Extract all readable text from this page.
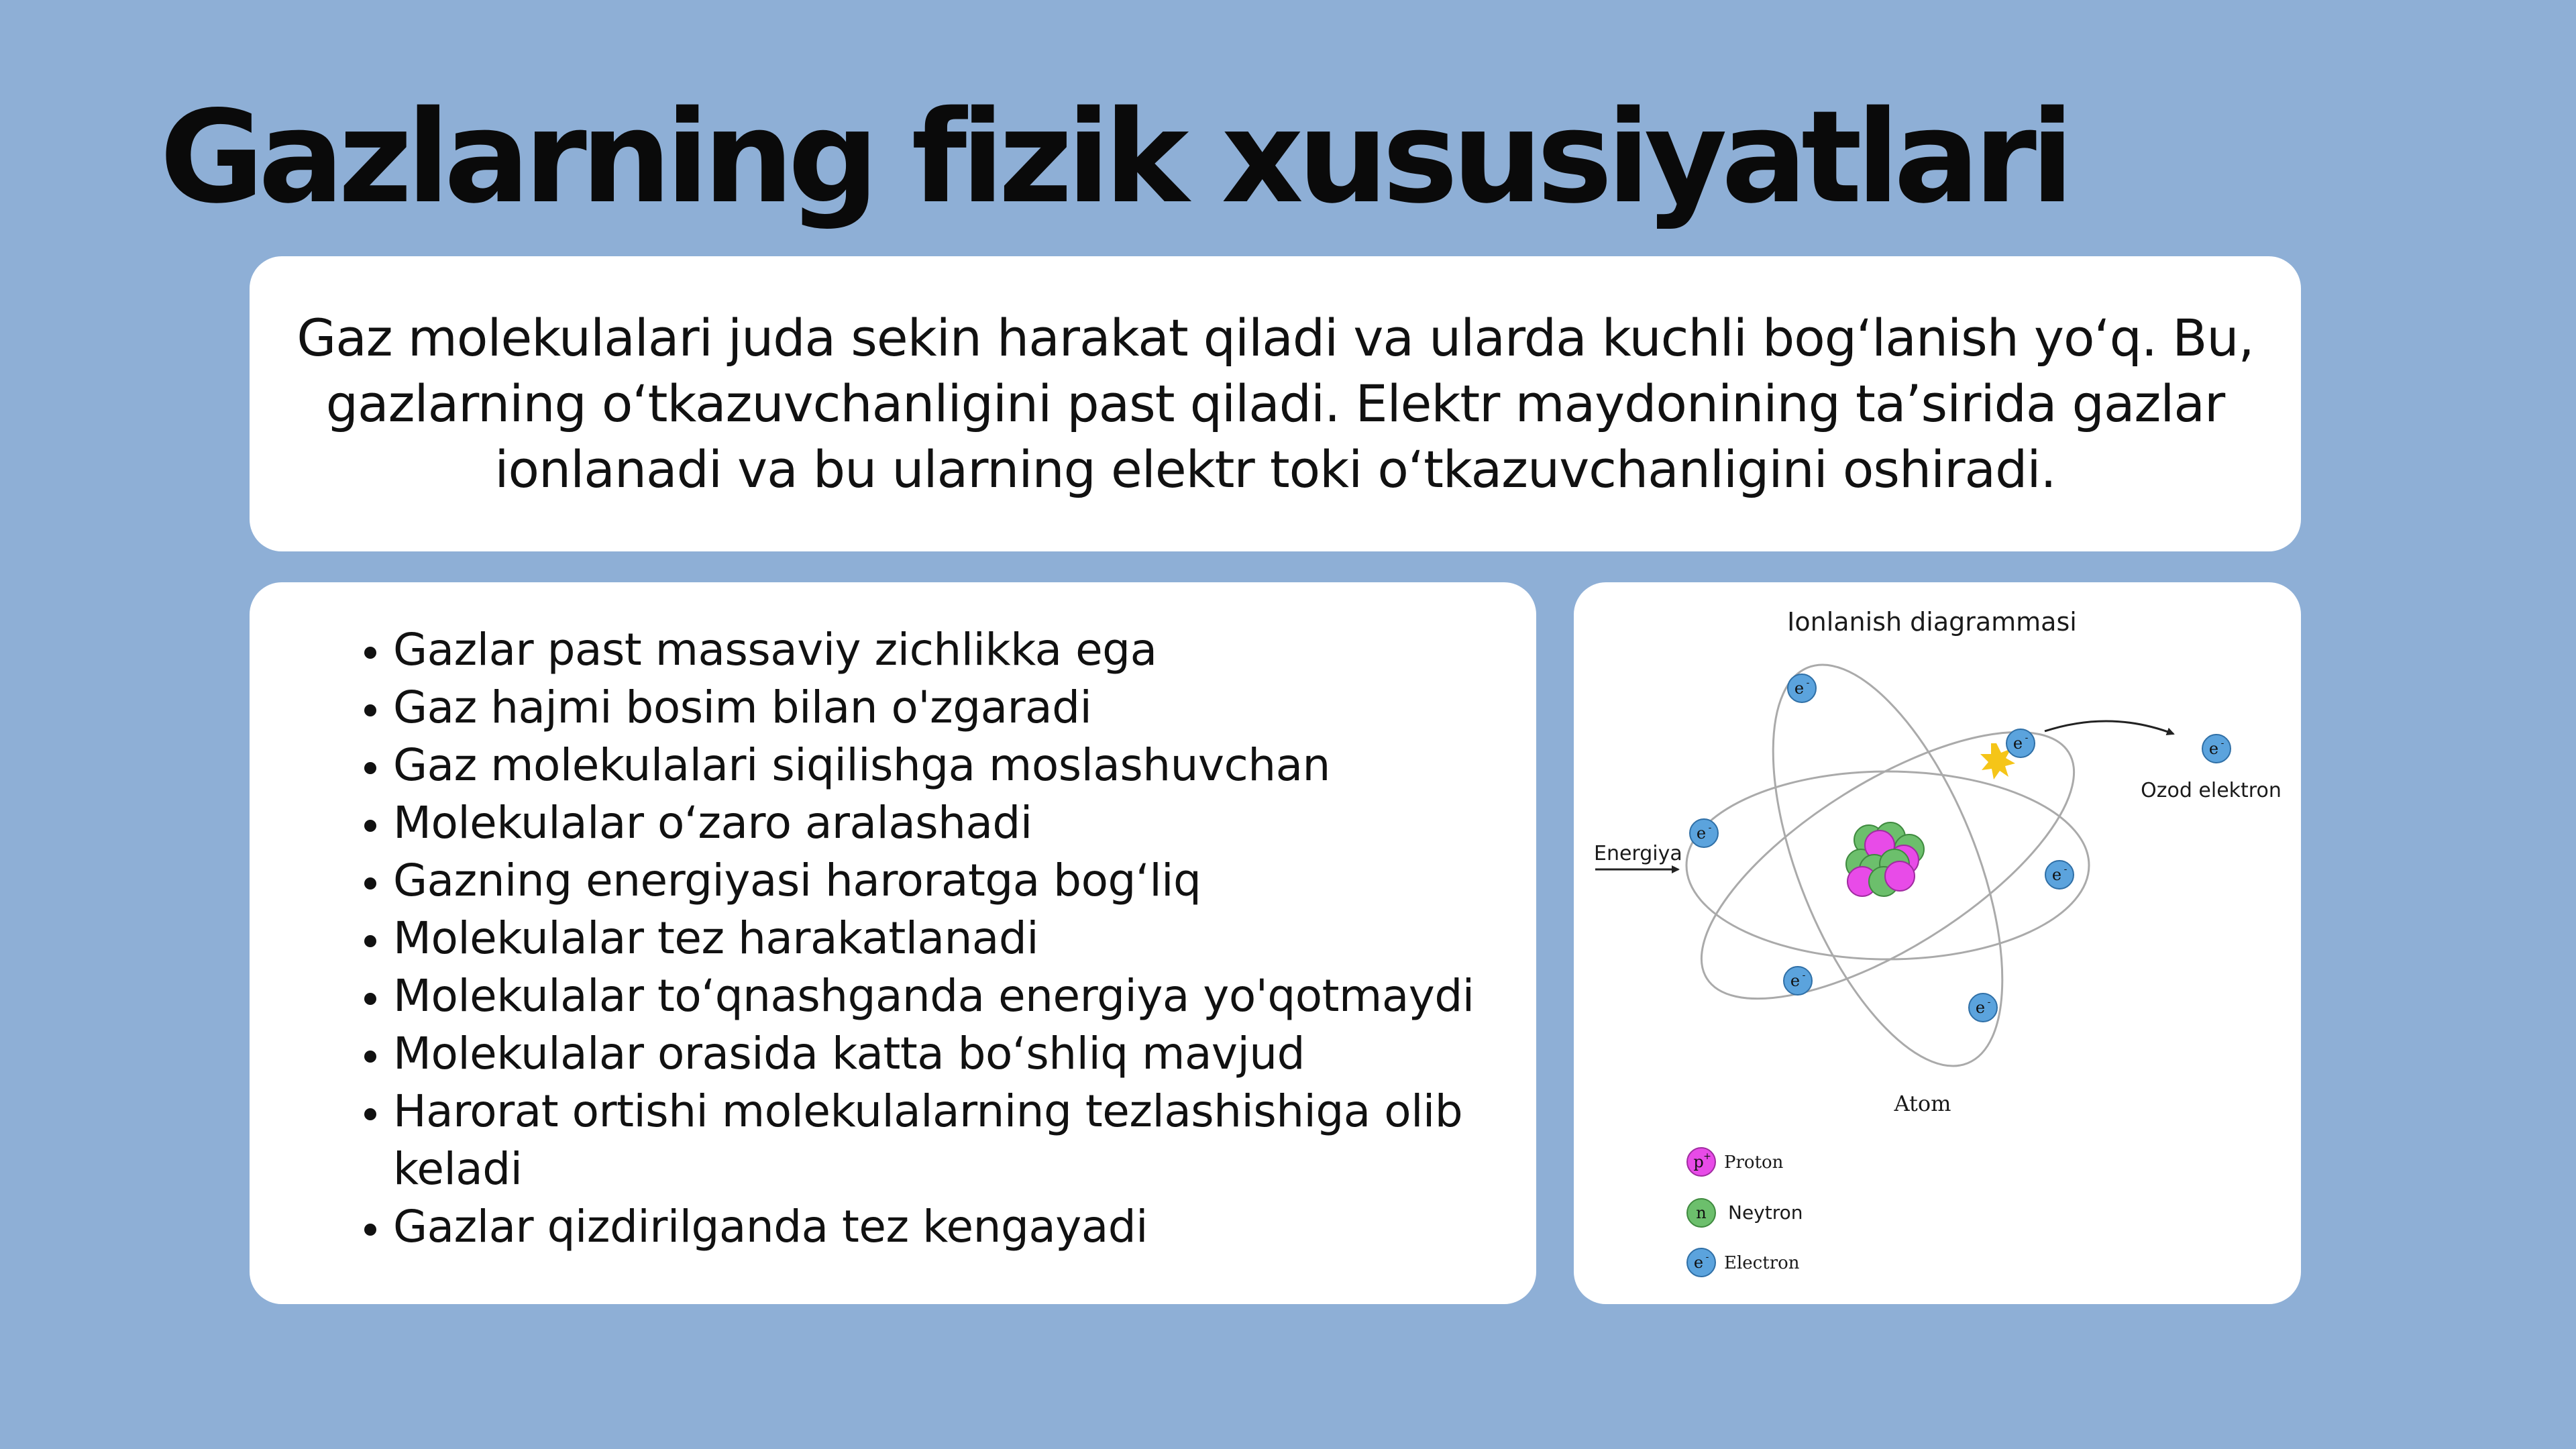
Gazlarning fizik xususiyatlari

Gaz molekulalari juda sekin harakat qiladi va ularda kuchli bog‘lanish yo‘q. Bu, gazlarning o‘tkazuvchanligini past qiladi. Elektr maydonining ta’sirida gazlar ionlanadi va bu ularning elektr toki o‘tkazuvchanligini oshiradi.

• Gazlar past massaviy zichlikka ega
• Gaz hajmi bosim bilan o'zgaradi
• Gaz molekulalari siqilishga moslashuvchan
• Molekulalar o‘zaro aralashadi
• Gazning energiyasi haroratga bog‘liq
• Molekulalar tez harakatlanadi
• Molekulalar to‘qnashganda energiya yo'qotmaydi
• Molekulalar orasida katta bo‘shliq mavjud
• Harorat ortishi molekulalarning tezlashishiga olib keladi
• Gazlar qizdirilganda tez kengayadi
Ionlanish diagrammasi
e -
e -
e -
e -
e -
e -
e -
Ozod elektron
Energiya
Atom
p + Proton
n Neytron
e - Electron
